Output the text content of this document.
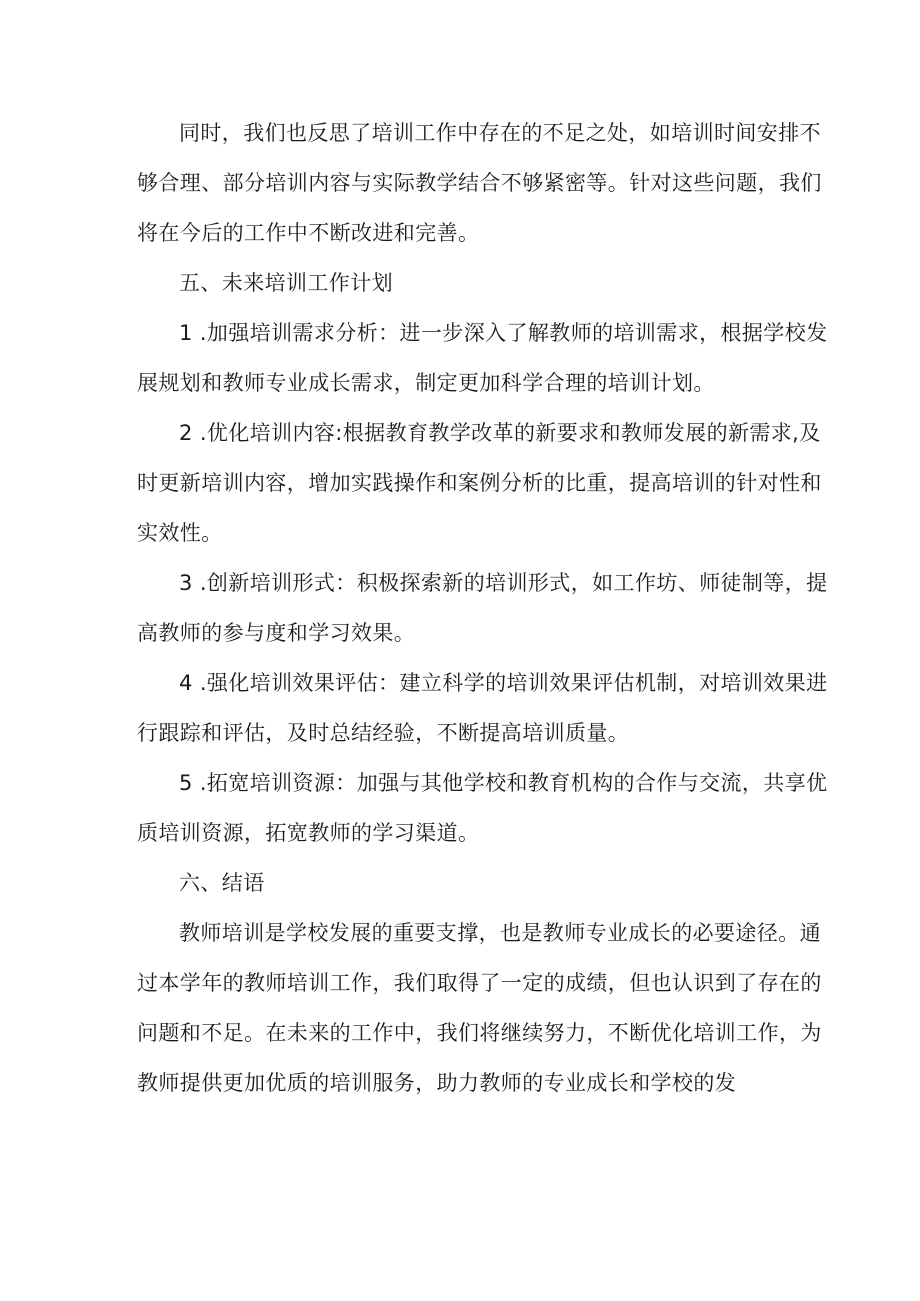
同时，我们也反思了培训工作中存在的不足之处，如培训时间安排不
够合理、部分培训内容与实际教学结合不够紧密等。针对这些问题，我们
将在今后的工作中不断改进和完善。
五、未来培训工作计划
1 .加强培训需求分析：进一步深入了解教师的培训需求，根据学校发
展规划和教师专业成长需求，制定更加科学合理的培训计划。
2 .优化培训内容:根据教育教学改革的新要求和教师发展的新需求,及
时更新培训内容，增加实践操作和案例分析的比重，提高培训的针对性和
实效性。
3 .创新培训形式：积极探索新的培训形式，如工作坊、师徒制等，提
高教师的参与度和学习效果。
4 .强化培训效果评估：建立科学的培训效果评估机制，对培训效果进
行跟踪和评估，及时总结经验，不断提高培训质量。
5 .拓宽培训资源：加强与其他学校和教育机构的合作与交流，共享优
质培训资源，拓宽教师的学习渠道。
六、结语
教师培训是学校发展的重要支撑，也是教师专业成长的必要途径。通
过本学年的教师培训工作，我们取得了一定的成绩，但也认识到了存在的
问题和不足。在未来的工作中，我们将继续努力，不断优化培训工作，为
教师提供更加优质的培训服务，助力教师的专业成长和学校的发
